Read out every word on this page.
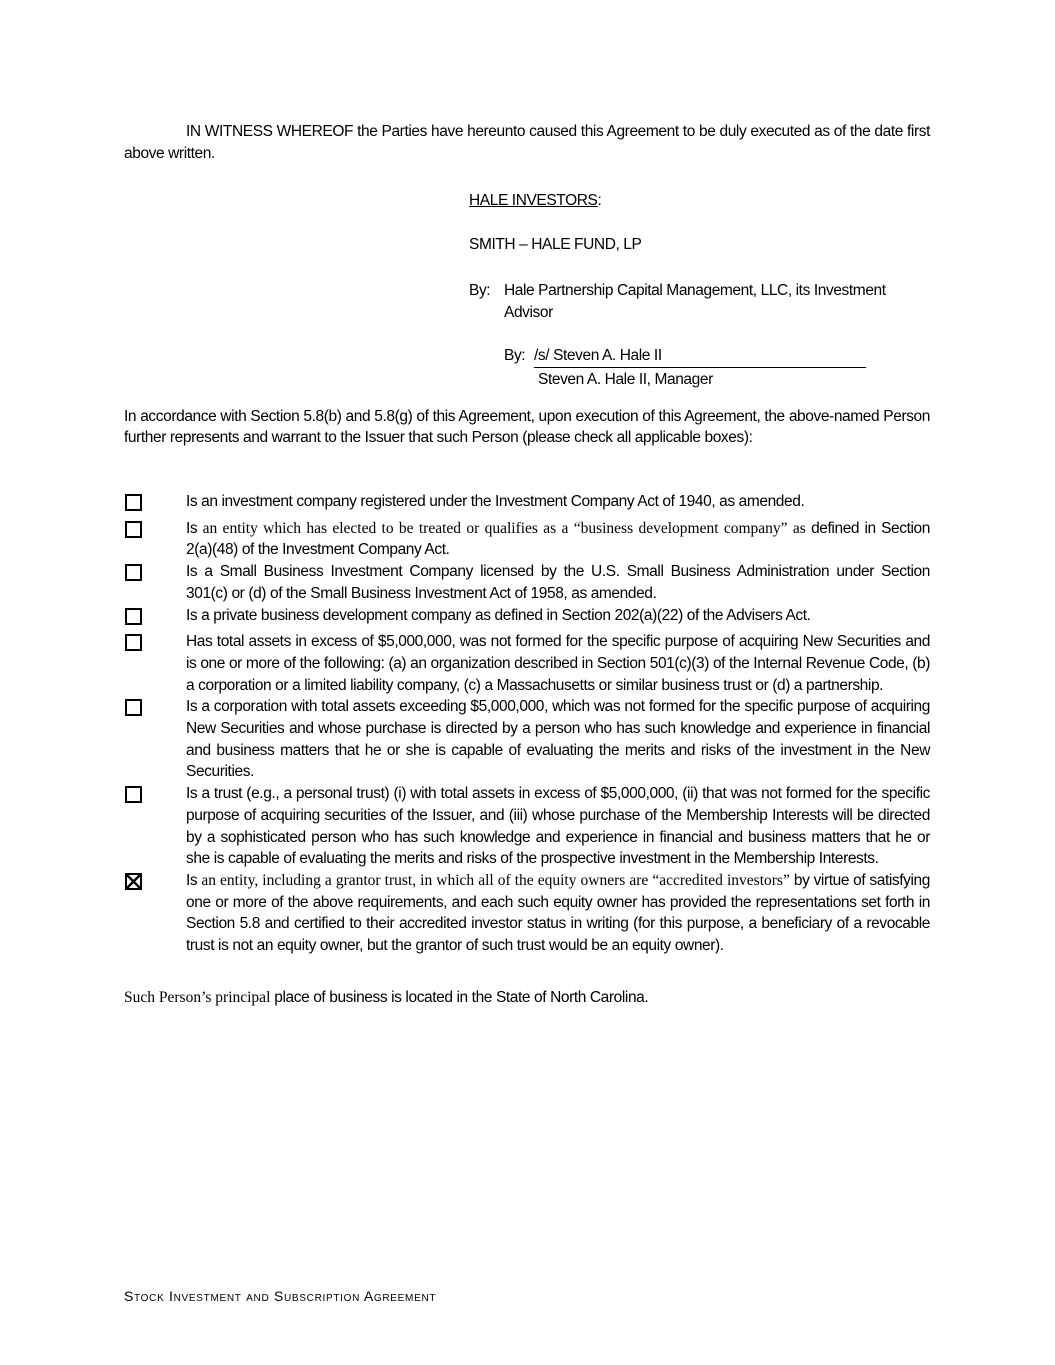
IN WITNESS WHEREOF the Parties have hereunto caused this Agreement to be duly executed as of the date first above written.

HALE INVESTORS:

SMITH – HALE FUND, LP

By: Hale Partnership Capital Management, LLC, its Investment Advisor
By: /s/ Steven A. Hale II

Steven A. Hale II, Manager

In accordance with Section 5.8(b) and 5.8(g) of this Agreement, upon execution of this Agreement, the above-named Person further represents and warrant to the Issuer that such Person (please check all applicable boxes):

Is an investment company registered under the Investment Company Act of 1940, as amended.
Is an entity which has elected to be treated or qualifies as a “business development company” as defined in Section 2(a)(48) of the Investment Company Act.
Is a Small Business Investment Company licensed by the U.S. Small Business Administration under Section 301(c) or (d) of the Small Business Investment Act of 1958, as amended.
Is a private business development company as defined in Section 202(a)(22) of the Advisers Act.
Has total assets in excess of $5,000,000, was not formed for the specific purpose of acquiring New Securities and is one or more of the following: (a) an organization described in Section 501(c)(3) of the Internal Revenue Code, (b) a corporation or a limited liability company, (c) a Massachusetts or similar business trust or (d) a partnership.
Is a corporation with total assets exceeding $5,000,000, which was not formed for the specific purpose of acquiring New Securities and whose purchase is directed by a person who has such knowledge and experience in financial and business matters that he or she is capable of evaluating the merits and risks of the investment in the New Securities.
Is a trust (e.g., a personal trust) (i) with total assets in excess of $5,000,000, (ii) that was not formed for the specific purpose of acquiring securities of the Issuer, and (iii) whose purchase of the Membership Interests will be directed by a sophisticated person who has such knowledge and experience in financial and business matters that he or she is capable of evaluating the merits and risks of the prospective investment in the Membership Interests.
Is an entity, including a grantor trust, in which all of the equity owners are “accredited investors” by virtue of satisfying one or more of the above requirements, and each such equity owner has provided the representations set forth in Section 5.8 and certified to their accredited investor status in writing (for this purpose, a beneficiary of a revocable trust is not an equity owner, but the grantor of such trust would be an equity owner).

Such Person’s principal place of business is located in the State of North Carolina.

Stock Investment and Subscription Agreement
